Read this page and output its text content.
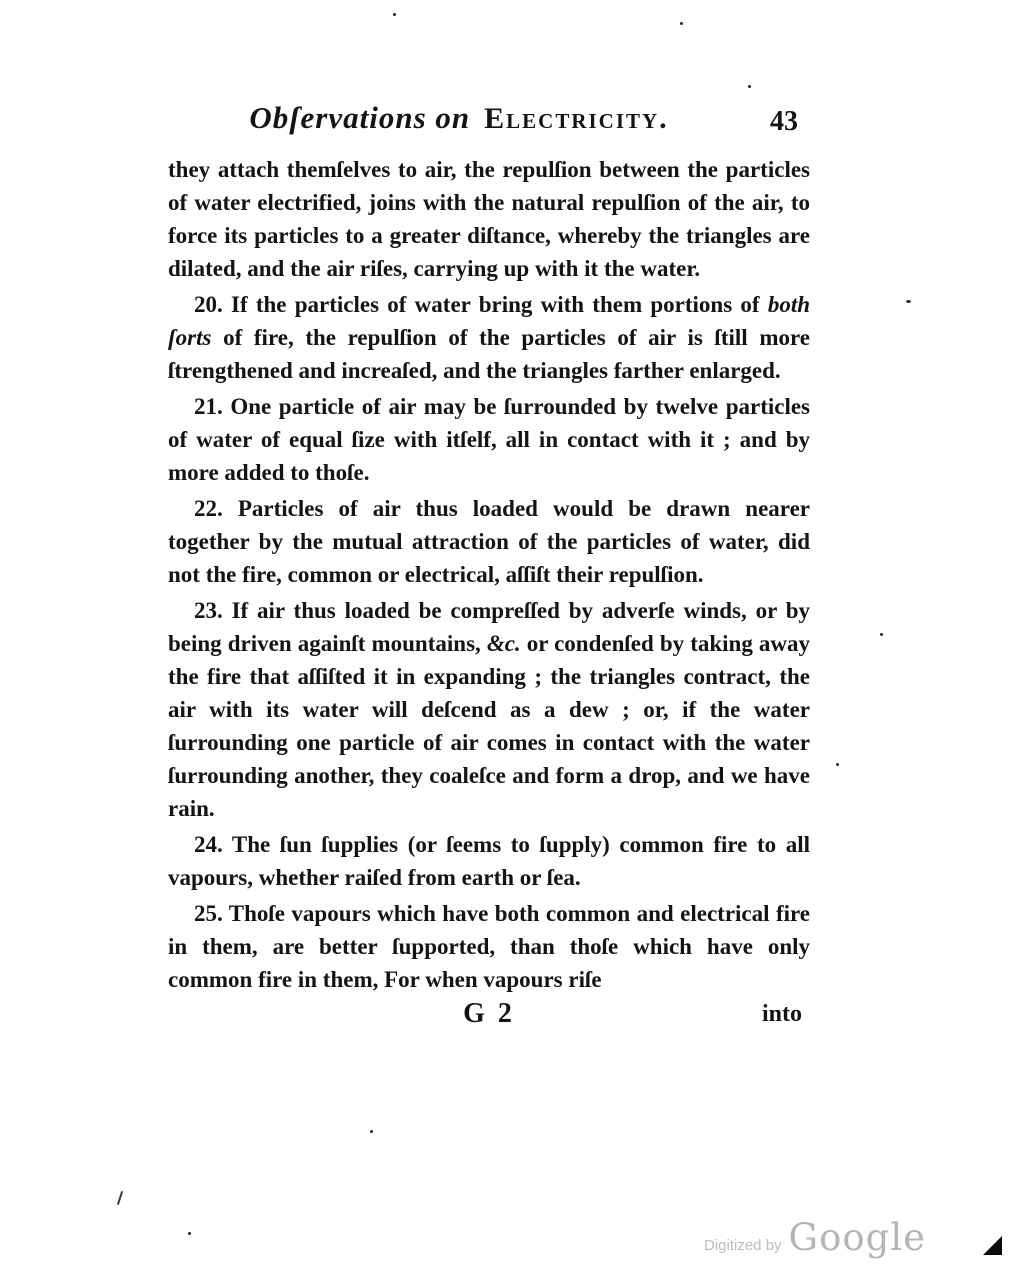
Obſervations on Electricity.	43

they attach themſelves to air, the repulſion between the particles of water electrified, joins with the natural repulſion of the air, to force its particles to a greater diſtance, whereby the triangles are dilated, and the air riſes, carrying up with it the water.

20. If the particles of water bring with them portions of both ſorts of fire, the repulſion of the particles of air is ſtill more ſtrengthened and increaſed, and the triangles farther enlarged.

21. One particle of air may be ſurrounded by twelve particles of water of equal ſize with itſelf, all in contact with it ; and by more added to thoſe.

22. Particles of air thus loaded would be drawn nearer together by the mutual attraction of the particles of water, did not the fire, common or electrical, aſſiſt their repulſion.

23. If air thus loaded be compreſſed by adverſe winds, or by being driven againſt mountains, &c. or condenſed by taking away the fire that aſſiſted it in expanding ; the triangles contract, the air with its water will deſcend as a dew ; or, if the water ſurrounding one particle of air comes in contact with the water ſurrounding another, they coaleſce and form a drop, and we have rain.

24. The ſun ſupplies (or ſeems to ſupply) common fire to all vapours, whether raiſed from earth or ſea.

25. Thoſe vapours which have both common and electrical fire in them, are better ſupported, than thoſe which have only common fire in them, For when vapours riſe

G 2	into
Digitized by Google
